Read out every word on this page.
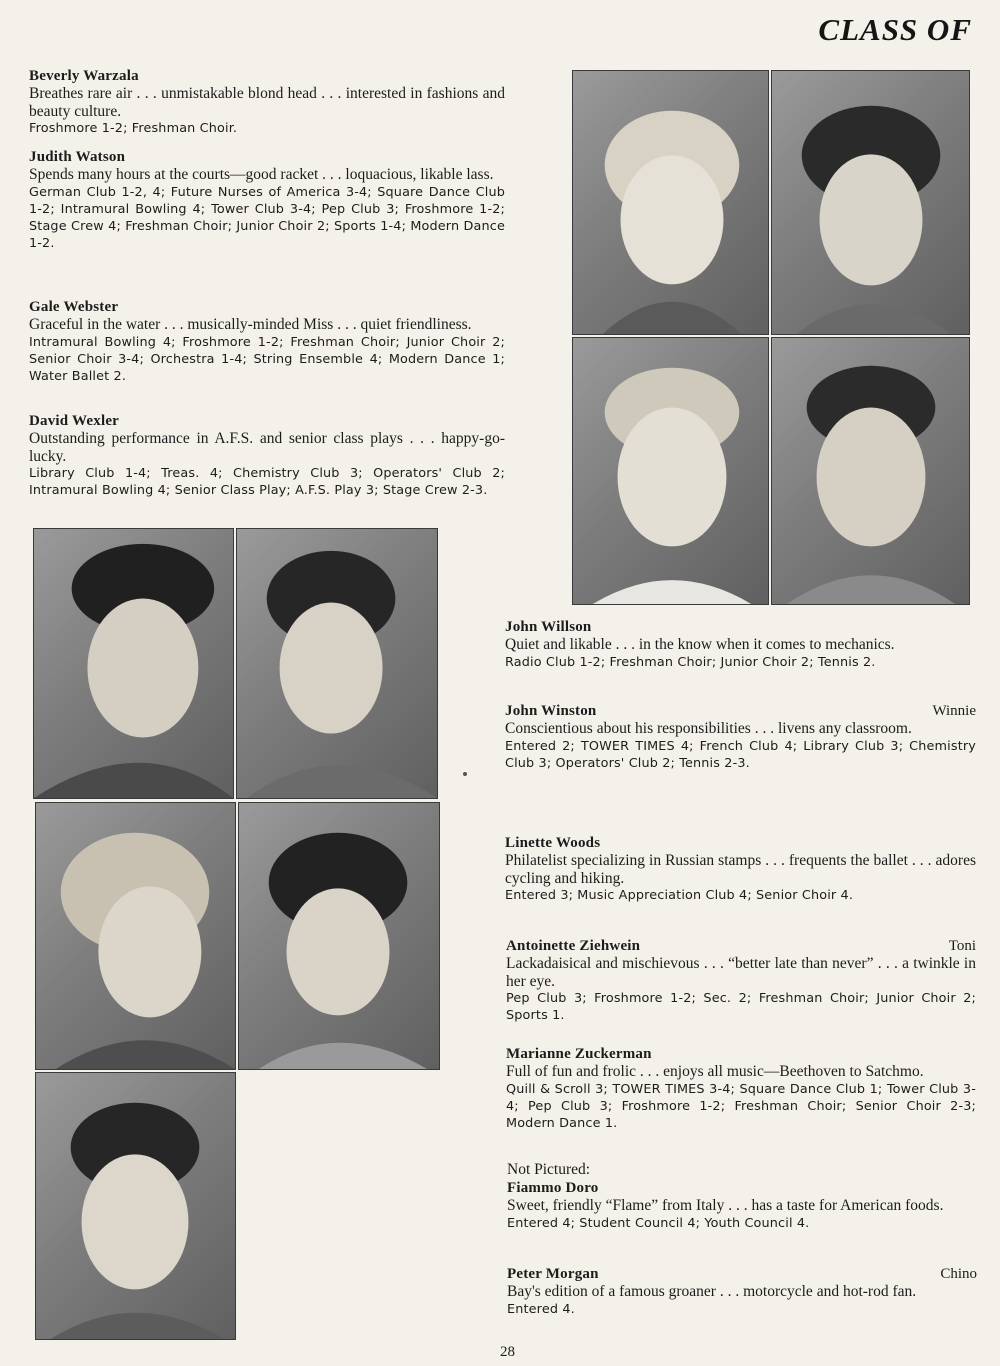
CLASS OF
Beverly Warzala
Breathes rare air . . . unmistakable blond head . . . interested in fashions and beauty culture.
Froshmore 1-2; Freshman Choir.
Judith Watson
Spends many hours at the courts—good racket . . . loquacious, likable lass.
German Club 1-2, 4; Future Nurses of America 3-4; Square Dance Club 1-2; Intramural Bowling 4; Tower Club 3-4; Pep Club 3; Froshmore 1-2; Stage Crew 4; Freshman Choir; Junior Choir 2; Sports 1-4; Modern Dance 1-2.
Gale Webster
Graceful in the water . . . musically-minded Miss . . . quiet friendliness.
Intramural Bowling 4; Froshmore 1-2; Freshman Choir; Junior Choir 2; Senior Choir 3-4; Orchestra 1-4; String Ensemble 4; Modern Dance 1; Water Ballet 2.
David Wexler
Outstanding performance in A.F.S. and senior class plays . . . happy-go-lucky.
Library Club 1-4; Treas. 4; Chemistry Club 3; Operators' Club 2; Intramural Bowling 4; Senior Class Play; A.F.S. Play 3; Stage Crew 2-3.
John Willson
Quiet and likable . . . in the know when it comes to mechanics.
Radio Club 1-2; Freshman Choir; Junior Choir 2; Tennis 2.
John Winston	Winnie
Conscientious about his responsibilities . . . livens any classroom.
Entered 2; TOWER TIMES 4; French Club 4; Library Club 3; Chemistry Club 3; Operators' Club 2; Tennis 2-3.
Linette Woods
Philatelist specializing in Russian stamps . . . frequents the ballet . . . adores cycling and hiking.
Entered 3; Music Appreciation Club 4; Senior Choir 4.
Antoinette Ziehwein	Toni
Lackadaisical and mischievous . . . “better late than never” . . . a twinkle in her eye.
Pep Club 3; Froshmore 1-2; Sec. 2; Freshman Choir; Junior Choir 2; Sports 1.
Marianne Zuckerman
Full of fun and frolic . . . enjoys all music—Beethoven to Satchmo.
Quill & Scroll 3; TOWER TIMES 3-4; Square Dance Club 1; Tower Club 3-4; Pep Club 3; Froshmore 1-2; Freshman Choir; Senior Choir 2-3; Modern Dance 1.
Not Pictured:
Fiammo Doro
Sweet, friendly “Flame” from Italy . . . has a taste for American foods.
Entered 4; Student Council 4; Youth Council 4.
Peter Morgan	Chino
Bay's edition of a famous groaner . . . motorcycle and hot-rod fan.
Entered 4.
28
